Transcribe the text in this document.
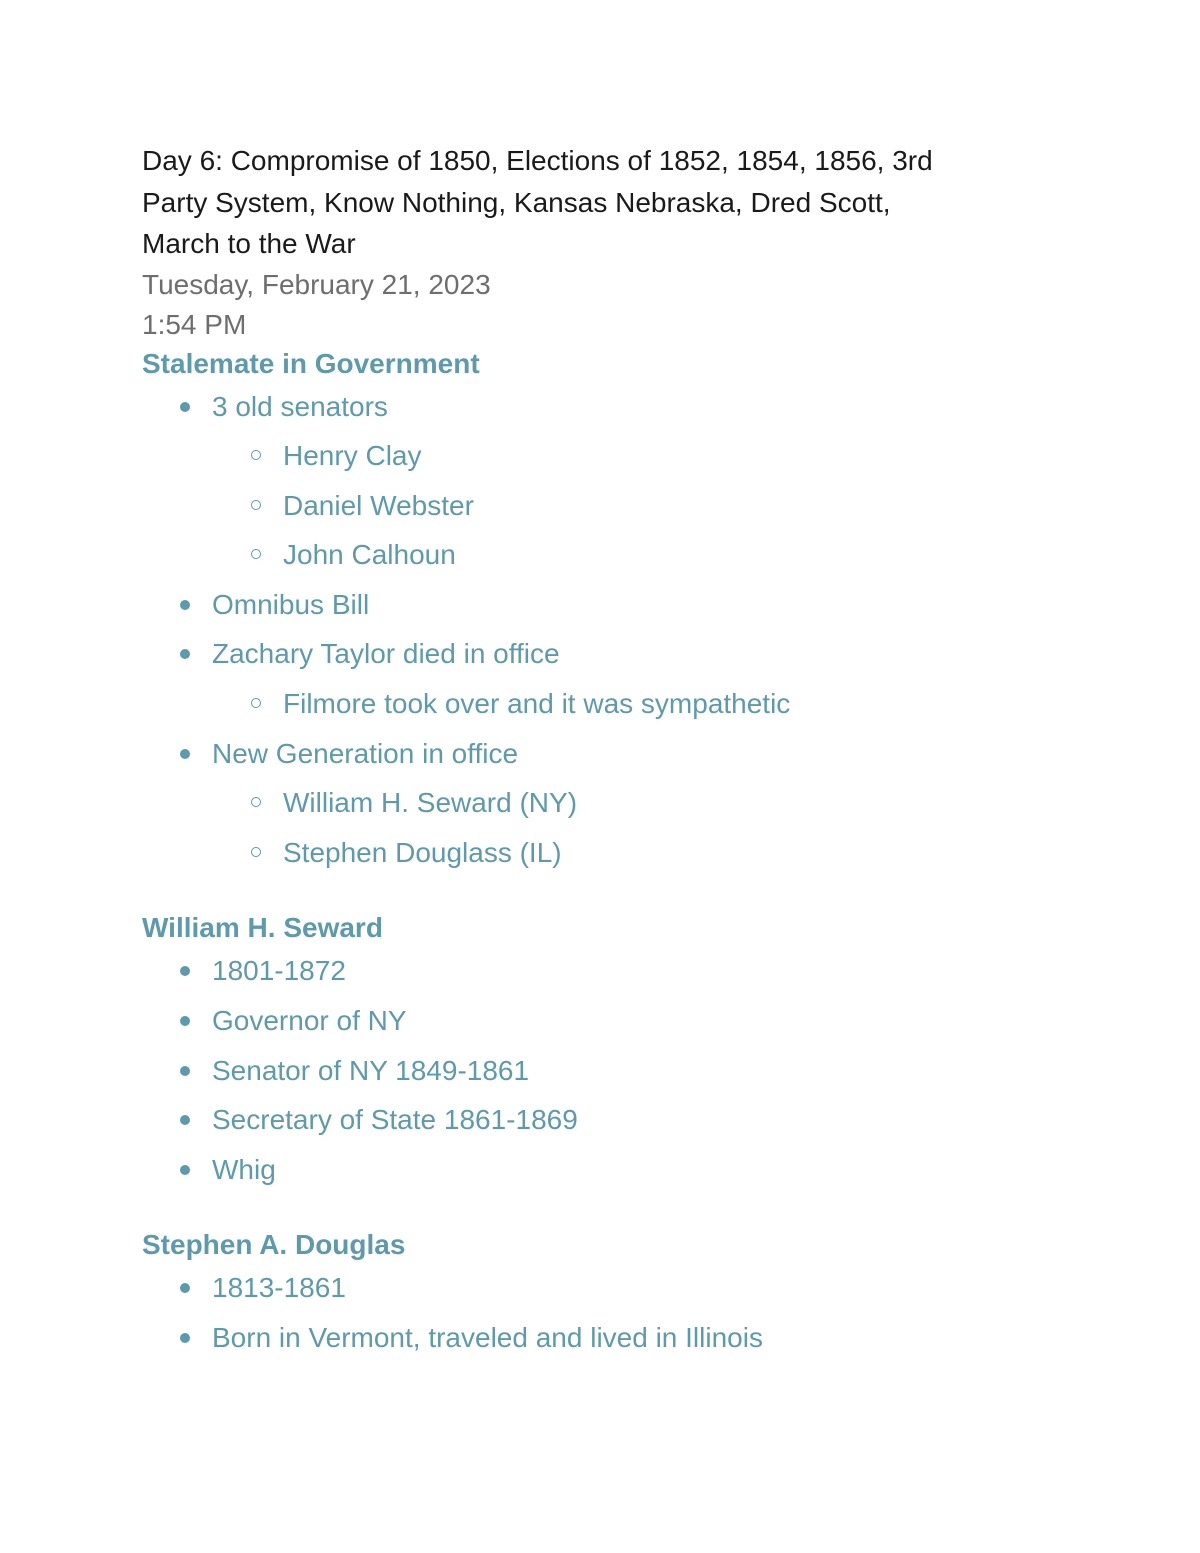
Day 6: Compromise of 1850, Elections of 1852, 1854, 1856, 3rd
Party System, Know Nothing, Kansas Nebraska, Dred Scott,
March to the War
Tuesday, February 21, 2023
1:54 PM
Stalemate in Government
3 old senators
Henry Clay
Daniel Webster
John Calhoun
Omnibus Bill
Zachary Taylor died in office
Filmore took over and it was sympathetic
New Generation in office
William H. Seward (NY)
Stephen Douglass (IL)
William H. Seward
1801-1872
Governor of NY
Senator of NY 1849-1861
Secretary of State 1861-1869
Whig
Stephen A. Douglas
1813-1861
Born in Vermont, traveled and lived in Illinois
